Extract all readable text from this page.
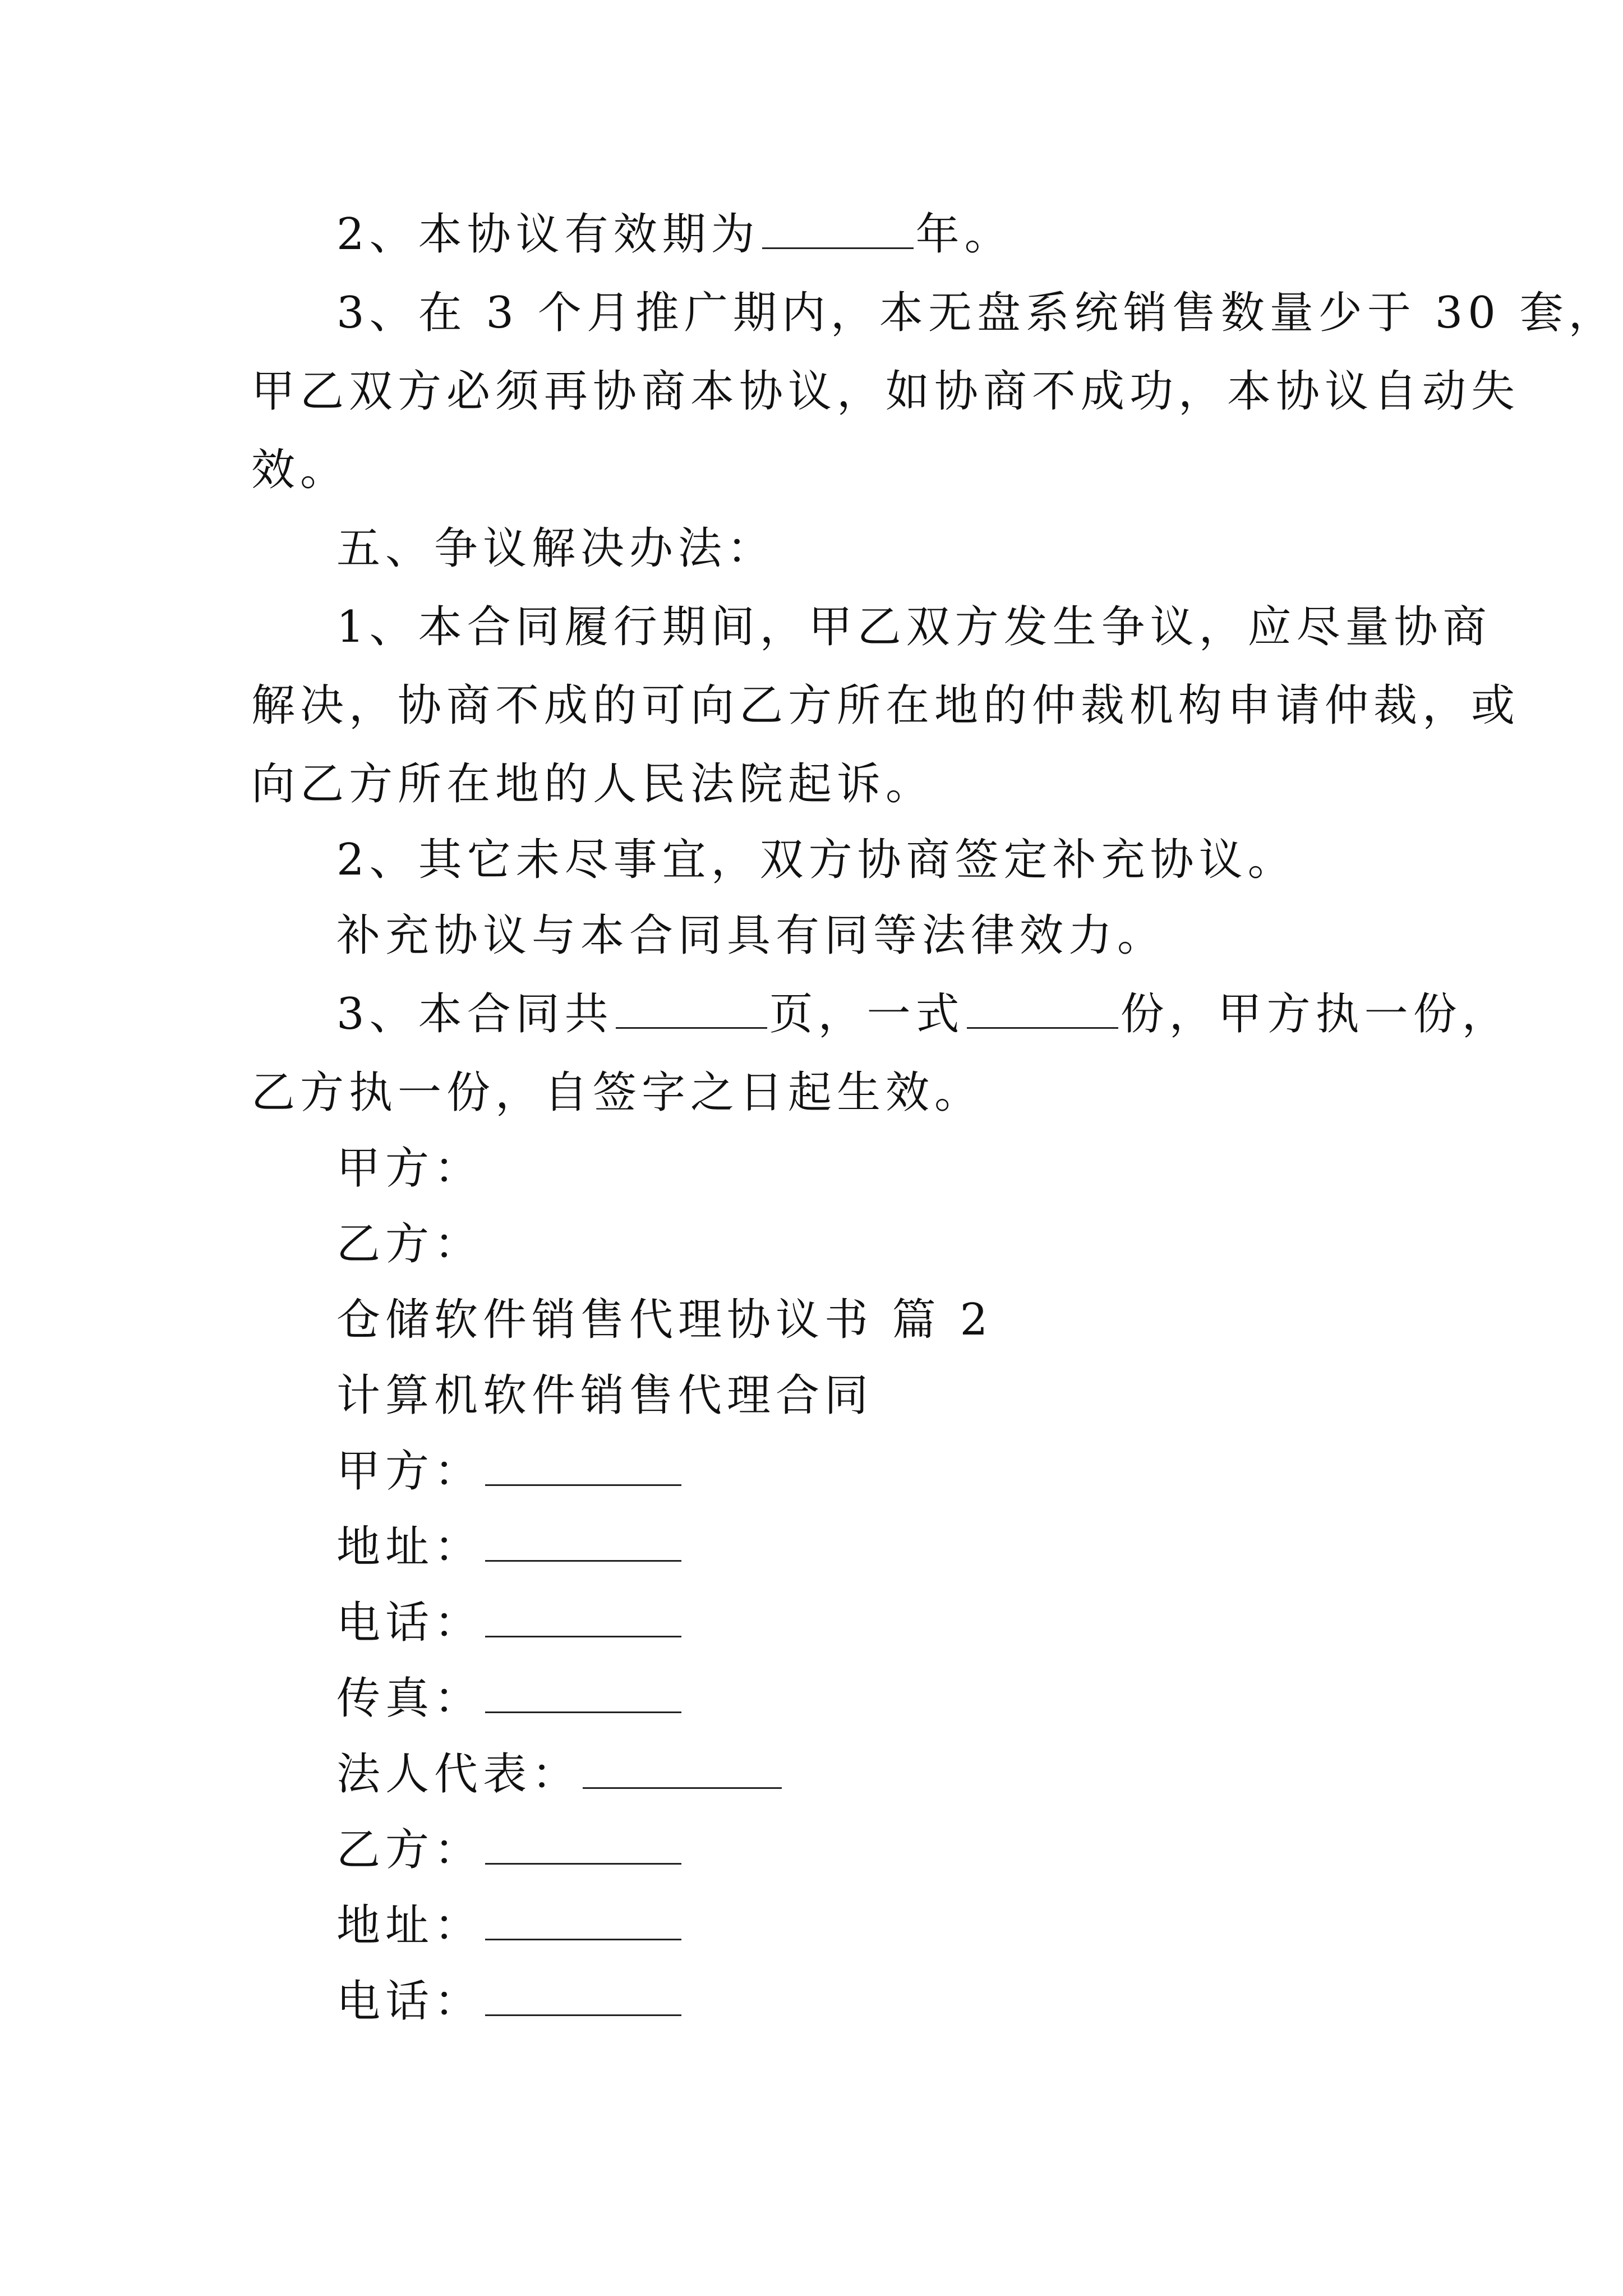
2、本协议有效期为	年。
3、在 3 个月推广期内，本无盘系统销售数量少于 30 套，
甲乙双方必须再协商本协议，如协商不成功，本协议自动失
效。
五、争议解决办法：
1、本合同履行期间，甲乙双方发生争议，应尽量协商
解决，协商不成的可向乙方所在地的仲裁机构申请仲裁，或
向乙方所在地的人民法院起诉。
2、其它未尽事宜，双方协商签定补充协议。
补充协议与本合同具有同等法律效力。
3、本合同共	页，一式	份，甲方执一份，
乙方执一份，自签字之日起生效。
甲方：
乙方：
仓储软件销售代理协议书 篇 2
计算机软件销售代理合同
甲方：
地址：
电话：
传真：
法人代表：
乙方：
地址：
电话：
